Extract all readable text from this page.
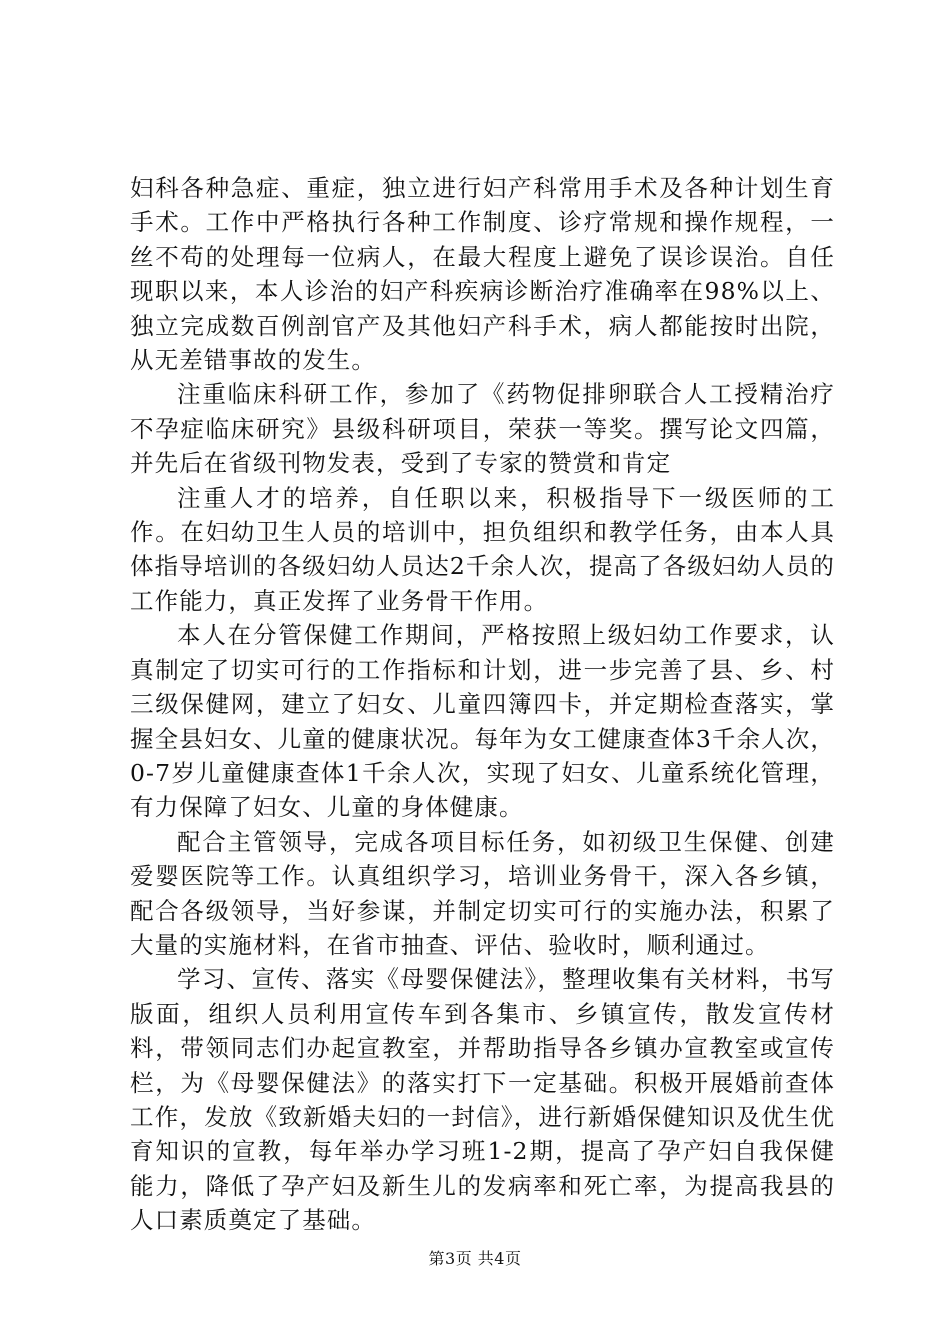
妇科各种急症、重症，独立进行妇产科常用手术及各种计划生育手术。工作中严格执行各种工作制度、诊疗常规和操作规程，一丝不苟的处理每一位病人，在最大程度上避免了误诊误治。自任现职以来，本人诊治的妇产科疾病诊断治疗准确率在98%以上、独立完成数百例剖官产及其他妇产科手术，病人都能按时出院，从无差错事故的发生。

注重临床科研工作，参加了《药物促排卵联合人工授精治疗不孕症临床研究》县级科研项目，荣获一等奖。撰写论文四篇，并先后在省级刊物发表，受到了专家的赞赏和肯定

注重人才的培养，自任职以来，积极指导下一级医师的工作。在妇幼卫生人员的培训中，担负组织和教学任务，由本人具体指导培训的各级妇幼人员达2千余人次，提高了各级妇幼人员的工作能力，真正发挥了业务骨干作用。

本人在分管保健工作期间，严格按照上级妇幼工作要求，认真制定了切实可行的工作指标和计划，进一步完善了县、乡、村三级保健网，建立了妇女、儿童四簿四卡，并定期检查落实，掌握全县妇女、儿童的健康状况。每年为女工健康查体3千余人次，0-7岁儿童健康查体1千余人次，实现了妇女、儿童系统化管理，有力保障了妇女、儿童的身体健康。

配合主管领导，完成各项目标任务，如初级卫生保健、创建爱婴医院等工作。认真组织学习，培训业务骨干，深入各乡镇，配合各级领导，当好参谋，并制定切实可行的实施办法，积累了大量的实施材料，在省市抽查、评估、验收时，顺利通过。

学习、宣传、落实《母婴保健法》，整理收集有关材料，书写版面，组织人员利用宣传车到各集市、乡镇宣传，散发宣传材料，带领同志们办起宣教室，并帮助指导各乡镇办宣教室或宣传栏，为《母婴保健法》的落实打下一定基础。积极开展婚前查体工作，发放《致新婚夫妇的一封信》，进行新婚保健知识及优生优育知识的宣教，每年举办学习班1-2期，提高了孕产妇自我保健能力，降低了孕产妇及新生儿的发病率和死亡率，为提高我县的人口素质奠定了基础。

第3页 共4页
